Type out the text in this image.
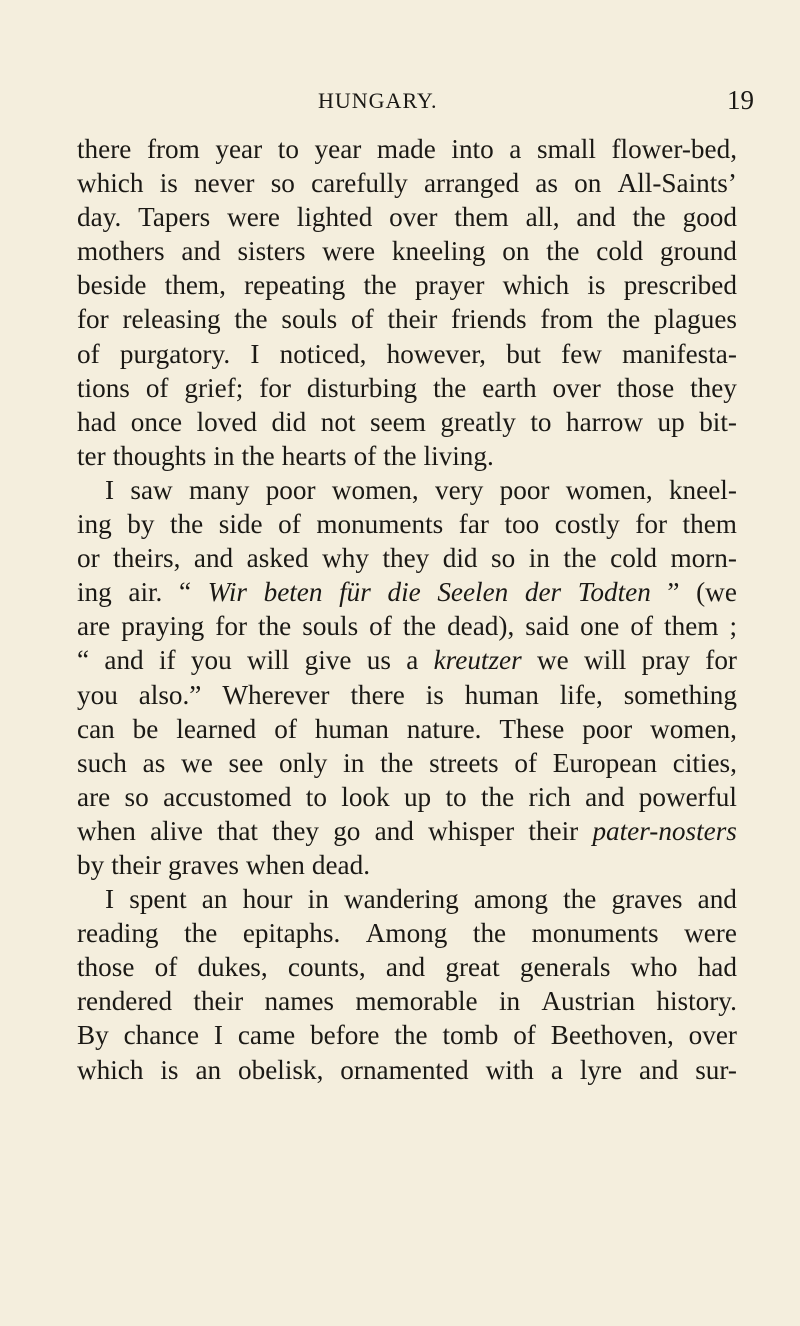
HUNGARY.	19
there from year to year made into a small flower-bed,
which is never so carefully arranged as on All-Saints’
day. Tapers were lighted over them all, and the good
mothers and sisters were kneeling on the cold ground
beside them, repeating the prayer which is prescribed
for releasing the souls of their friends from the plagues
of purgatory. I noticed, however, but few manifesta-
tions of grief; for disturbing the earth over those they
had once loved did not seem greatly to harrow up bit-
ter thoughts in the hearts of the living.
I saw many poor women, very poor women, kneel-
ing by the side of monuments far too costly for them
or theirs, and asked why they did so in the cold morn-
ing air. “ Wir beten für die Seelen der Todten ” (we
are praying for the souls of the dead), said one of them ;
“ and if you will give us a kreutzer we will pray for
you also.” Wherever there is human life, something
can be learned of human nature. These poor women,
such as we see only in the streets of European cities,
are so accustomed to look up to the rich and powerful
when alive that they go and whisper their pater-nosters
by their graves when dead.
I spent an hour in wandering among the graves and
reading the epitaphs. Among the monuments were
those of dukes, counts, and great generals who had
rendered their names memorable in Austrian history.
By chance I came before the tomb of Beethoven, over
which is an obelisk, ornamented with a lyre and sur-
